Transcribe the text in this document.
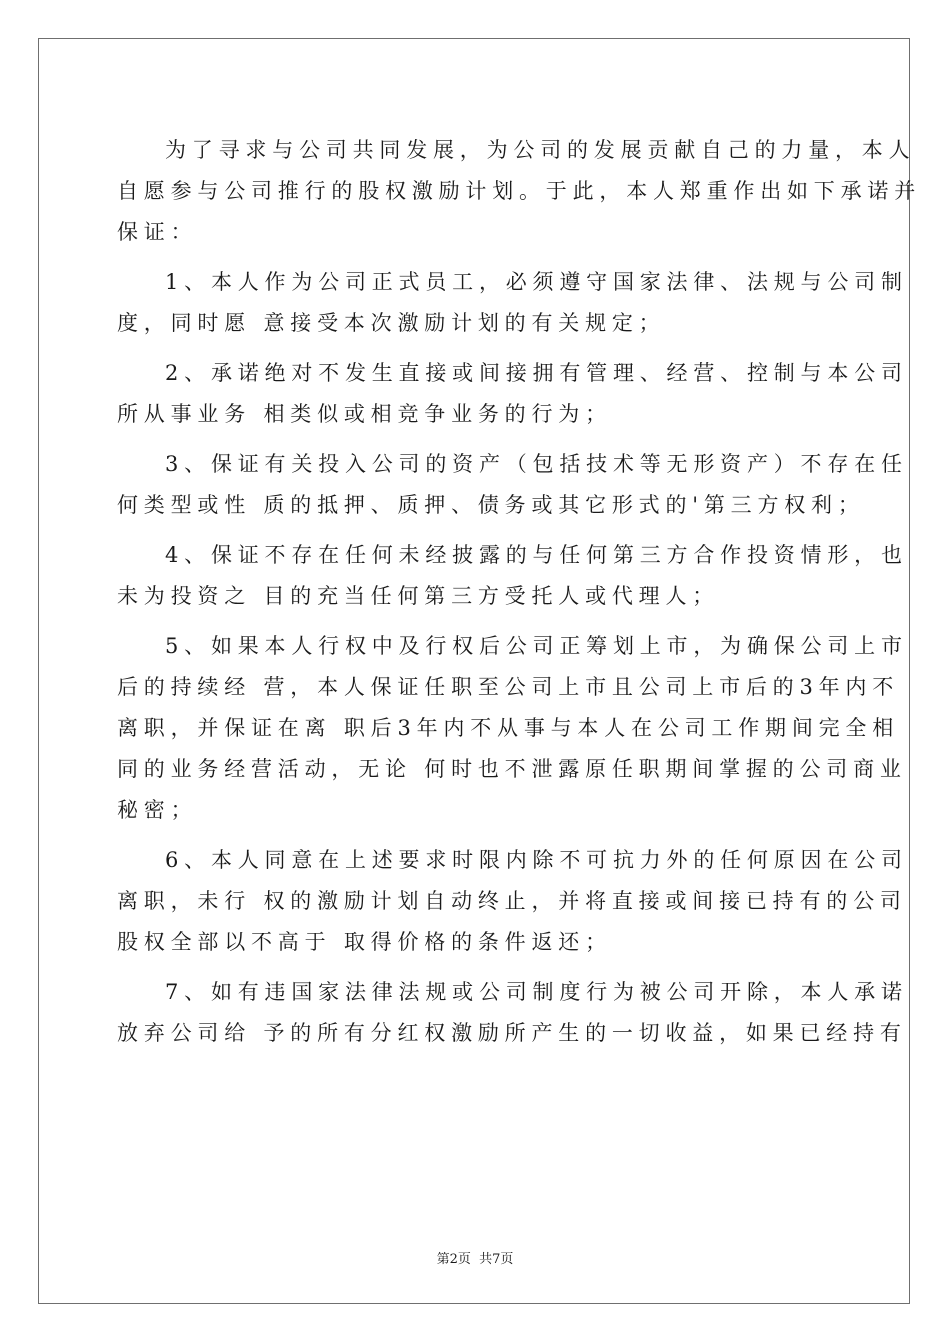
为了寻求与公司共同发展，为公司的发展贡献自己的力量，本人
自愿参与公司推行的股权激励计划。于此，本人郑重作出如下承诺并
保证：
1、本人作为公司正式员工，必须遵守国家法律、法规与公司制
度，同时愿 意接受本次激励计划的有关规定；
2、承诺绝对不发生直接或间接拥有管理、经营、控制与本公司
所从事业务 相类似或相竞争业务的行为；
3、保证有关投入公司的资产（包括技术等无形资产）不存在任
何类型或性 质的抵押、质押、债务或其它形式的'第三方权利；
4、保证不存在任何未经披露的与任何第三方合作投资情形，也
未为投资之 目的充当任何第三方受托人或代理人；
5、如果本人行权中及行权后公司正筹划上市，为确保公司上市
后的持续经 营，本人保证任职至公司上市且公司上市后的3年内不
离职，并保证在离 职后3年内不从事与本人在公司工作期间完全相
同的业务经营活动，无论 何时也不泄露原任职期间掌握的公司商业
秘密；
6、本人同意在上述要求时限内除不可抗力外的任何原因在公司
离职，未行 权的激励计划自动终止，并将直接或间接已持有的公司
股权全部以不高于 取得价格的条件返还；
7、如有违国家法律法规或公司制度行为被公司开除，本人承诺
放弃公司给 予的所有分红权激励所产生的一切收益，如果已经持有
第2页 共7页
